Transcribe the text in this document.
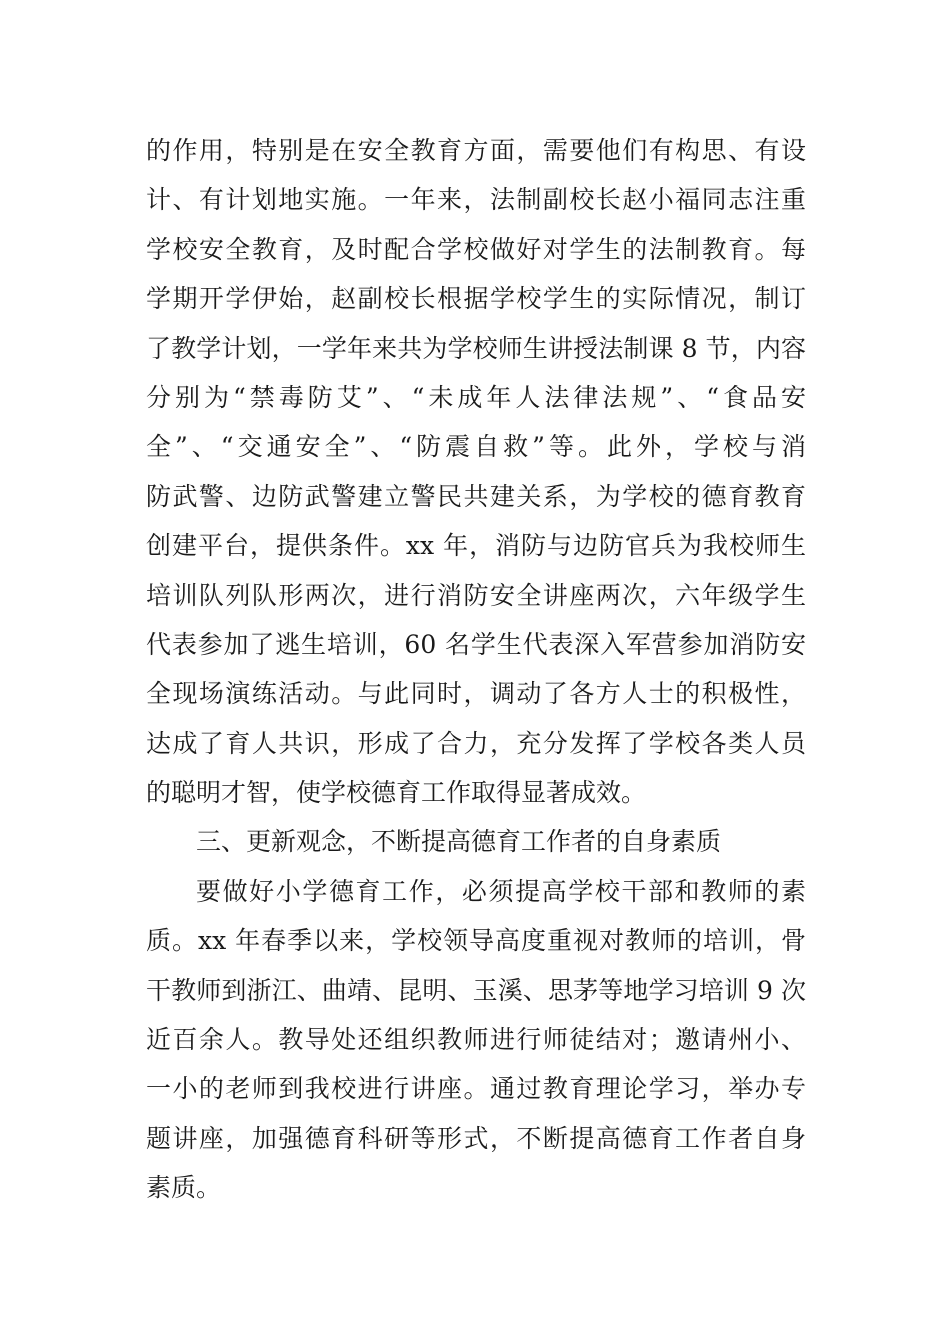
的作用，特别是在安全教育方面，需要他们有构思、有设
计、有计划地实施。一年来，法制副校长赵小福同志注重
学校安全教育，及时配合学校做好对学生的法制教育。每
学期开学伊始，赵副校长根据学校学生的实际情况，制订
了教学计划，一学年来共为学校师生讲授法制课 8 节，内容
分别为“禁毒防艾”、“未成年人法律法规”、“食品安
全”、“交通安全”、“防震自救”等。此外，学校与消
防武警、边防武警建立警民共建关系，为学校的德育教育
创建平台，提供条件。xx 年，消防与边防官兵为我校师生
培训队列队形两次，进行消防安全讲座两次，六年级学生
代表参加了逃生培训，60 名学生代表深入军营参加消防安
全现场演练活动。与此同时，调动了各方人士的积极性，
达成了育人共识，形成了合力，充分发挥了学校各类人员
的聪明才智，使学校德育工作取得显著成效。
三、更新观念，不断提高德育工作者的自身素质
要做好小学德育工作，必须提高学校干部和教师的素
质。xx 年春季以来，学校领导高度重视对教师的培训，骨
干教师到浙江、曲靖、昆明、玉溪、思茅等地学习培训 9 次
近百余人。教导处还组织教师进行师徒结对；邀请州小、
一小的老师到我校进行讲座。通过教育理论学习，举办专
题讲座，加强德育科研等形式，不断提高德育工作者自身
素质。
